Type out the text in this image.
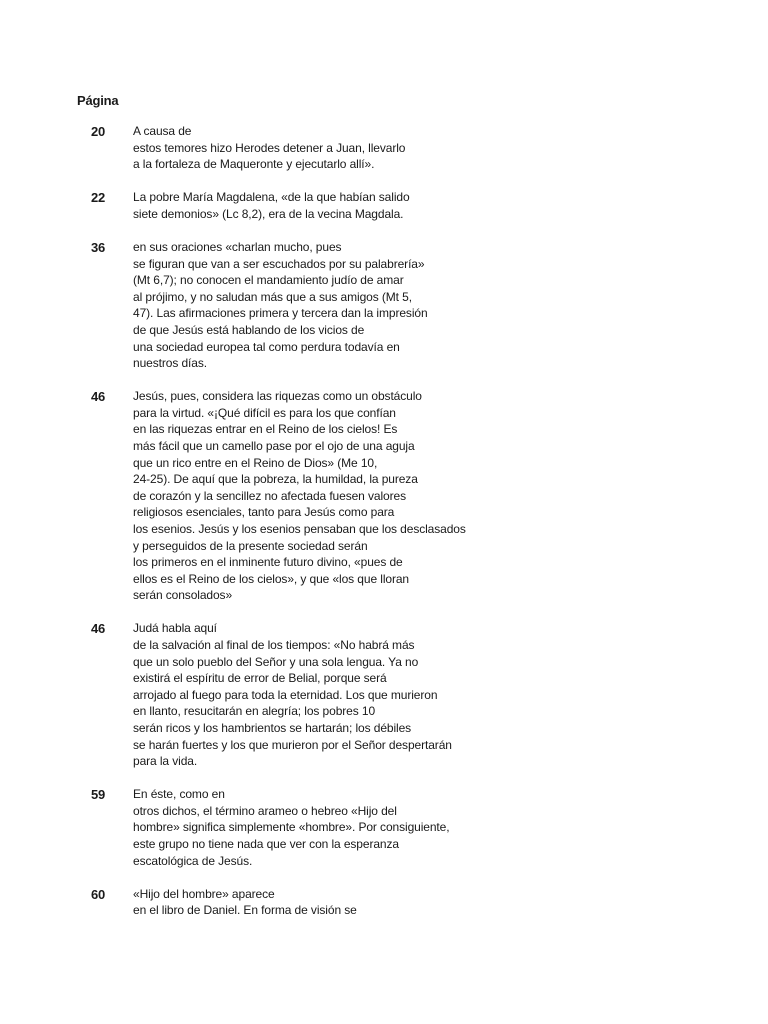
Página
20 A causa de
estos temores hizo Herodes detener a Juan, llevarlo
a la fortaleza de Maqueronte y ejecutarlo allí».
22 La pobre María Magdalena, «de la que habían salido
siete demonios» (Lc 8,2), era de la vecina Magdala.
36 en sus oraciones «charlan mucho, pues
se figuran que van a ser escuchados por su palabrería»
(Mt 6,7); no conocen el mandamiento judío de amar
al prójimo, y no saludan más que a sus amigos (Mt 5,
47). Las afirmaciones primera y tercera dan la impresión
de que Jesús está hablando de los vicios de
una sociedad europea tal como perdura todavía en
nuestros días.
46 Jesús, pues, considera las riquezas como un obstáculo
para la virtud. «¡Qué difícil es para los que confían
en las riquezas entrar en el Reino de los cielos! Es
más fácil que un camello pase por el ojo de una aguja
que un rico entre en el Reino de Dios» (Me 10,
24-25). De aquí que la pobreza, la humildad, la pureza
de corazón y la sencillez no afectada fuesen valores
religiosos esenciales, tanto para Jesús como para
los esenios. Jesús y los esenios pensaban que los desclasados
y perseguidos de la presente sociedad serán
los primeros en el inminente futuro divino, «pues de
ellos es el Reino de los cielos», y que «los que lloran
serán consolados»
46 Judá habla aquí
de la salvación al final de los tiempos: «No habrá más
que un solo pueblo del Señor y una sola lengua. Ya no
existirá el espíritu de error de Belial, porque será
arrojado al fuego para toda la eternidad. Los que murieron
en llanto, resucitarán en alegría; los pobres 10
serán ricos y los hambrientos se hartarán; los débiles
se harán fuertes y los que murieron por el Señor despertarán
para la vida.
59 En éste, como en
otros dichos, el término arameo o hebreo «Hijo del
hombre» significa simplemente «hombre». Por consiguiente,
este grupo no tiene nada que ver con la esperanza
escatológica de Jesús.
60 «Hijo del hombre» aparece
en el libro de Daniel. En forma de visión se
